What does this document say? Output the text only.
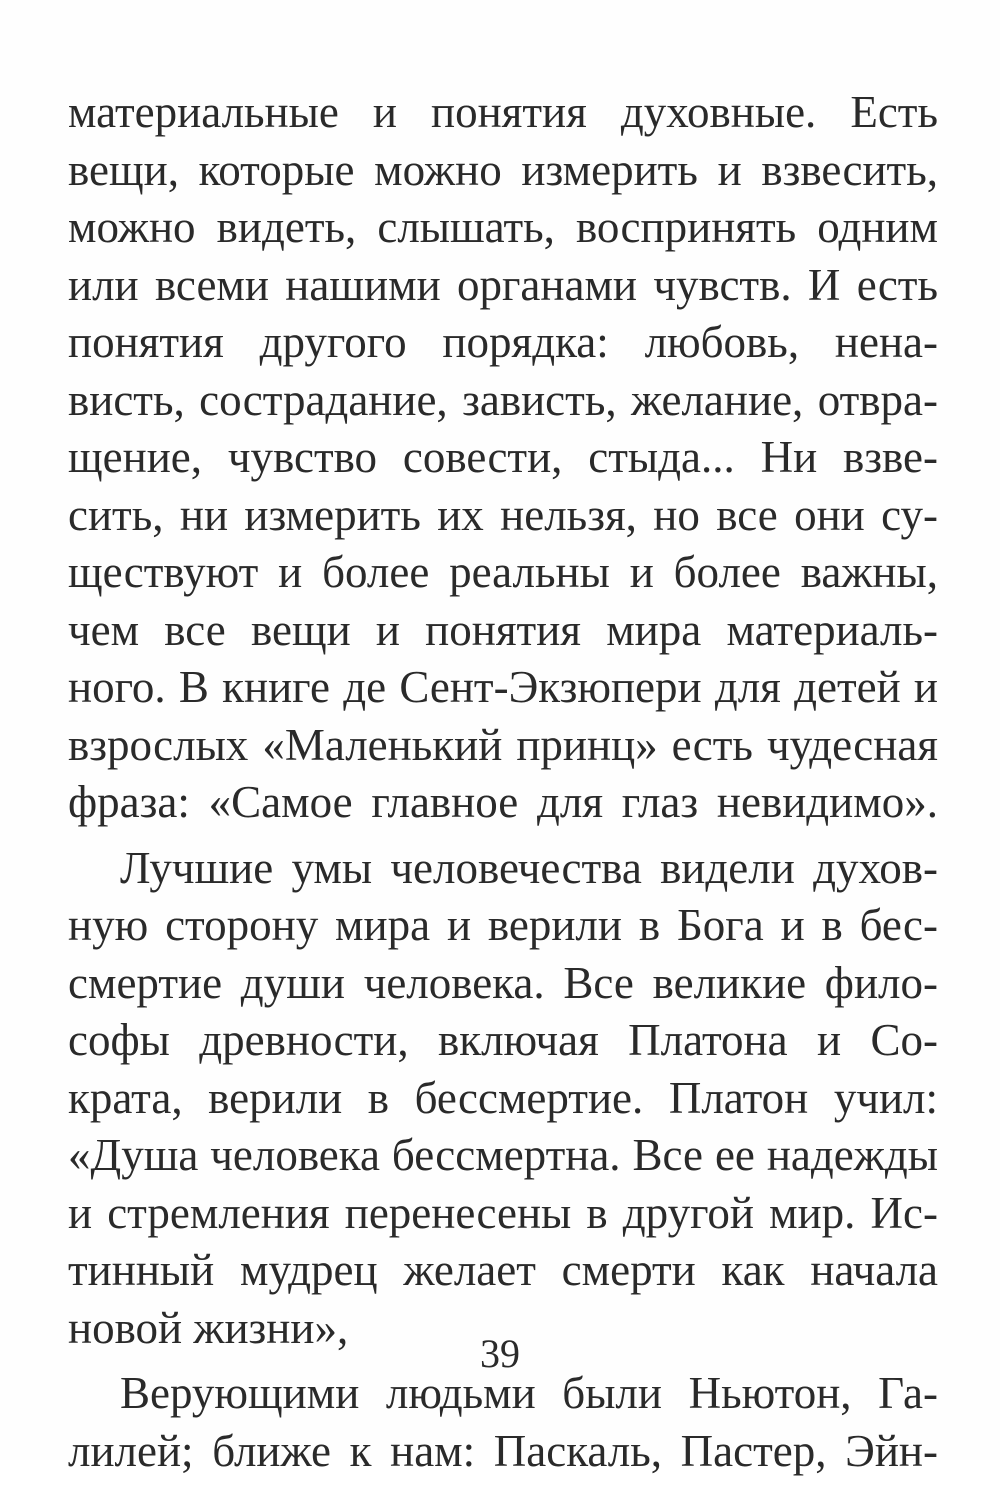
материальные и понятия духовные. Есть
вещи, которые можно измерить и взвесить,
можно видеть, слышать, воспринять одним
или всеми нашими органами чувств. И есть
понятия другого порядка: любовь, нена-
висть, сострадание, зависть, желание, отвра-
щение, чувство совести, стыда... Ни взве-
сить, ни измерить их нельзя, но все они су-
ществуют и более реальны и более важны,
чем все вещи и понятия мира материаль-
ного. В книге де Сент-Экзюпери для детей и
взрослых «Маленький принц» есть чудесная
фраза: «Самое главное для глаз невидимо».
Лучшие умы человечества видели духов-
ную сторону мира и верили в Бога и в бес-
смертие души человека. Все великие фило-
софы древности, включая Платона и Со-
крата, верили в бессмертие. Платон учил:
«Душа человека бессмертна. Все ее надежды
и стремления перенесены в другой мир. Ис-
тинный мудрец желает смерти как начала
новой жизни»,
Верующими людьми были Ньютон, Га-
лилей; ближе к нам: Паскаль, Пастер, Эйн-
39
